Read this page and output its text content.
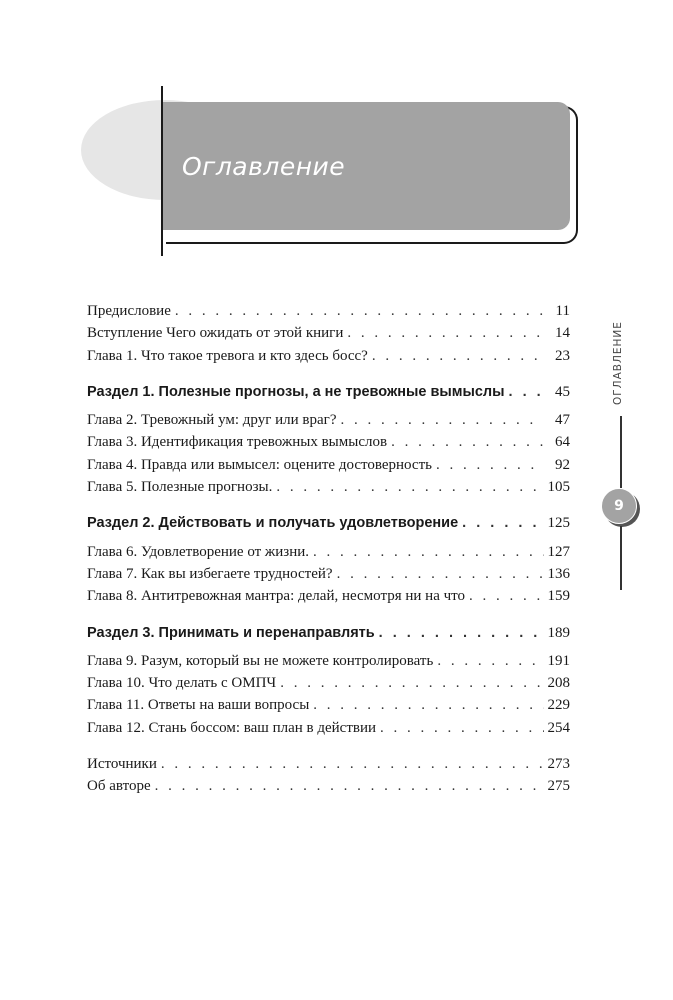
Оглавление
Предисловие . . .	11
Вступление Чего ожидать от этой книги . . .	14
Глава 1. Что такое тревога и кто здесь босс? . . .	23
Раздел 1. Полезные прогнозы, а не тревожные вымыслы . . .	45
Глава 2. Тревожный ум: друг или враг? . . .	47
Глава 3. Идентификация тревожных вымыслов . . .	64
Глава 4. Правда или вымысел: оцените достоверность . . .	92
Глава 5. Полезные прогнозы. . . .	105
Раздел 2. Действовать и получать удовлетворение . . .	125
Глава 6. Удовлетворение от жизни. . . .	127
Глава 7. Как вы избегаете трудностей? . . .	136
Глава 8. Антитревожная мантра: делай, несмотря ни на что . . .	159
Раздел 3. Принимать и перенаправлять . . .	189
Глава 9. Разум, который вы не можете контролировать . . .	191
Глава 10. Что делать с ОМПЧ . . .	208
Глава 11. Ответы на ваши вопросы . . .	229
Глава 12. Стань боссом: ваш план в действии . . .	254
Источники . . .	273
Об авторе . . .	275
ОГЛАВЛЕНИЕ
9
